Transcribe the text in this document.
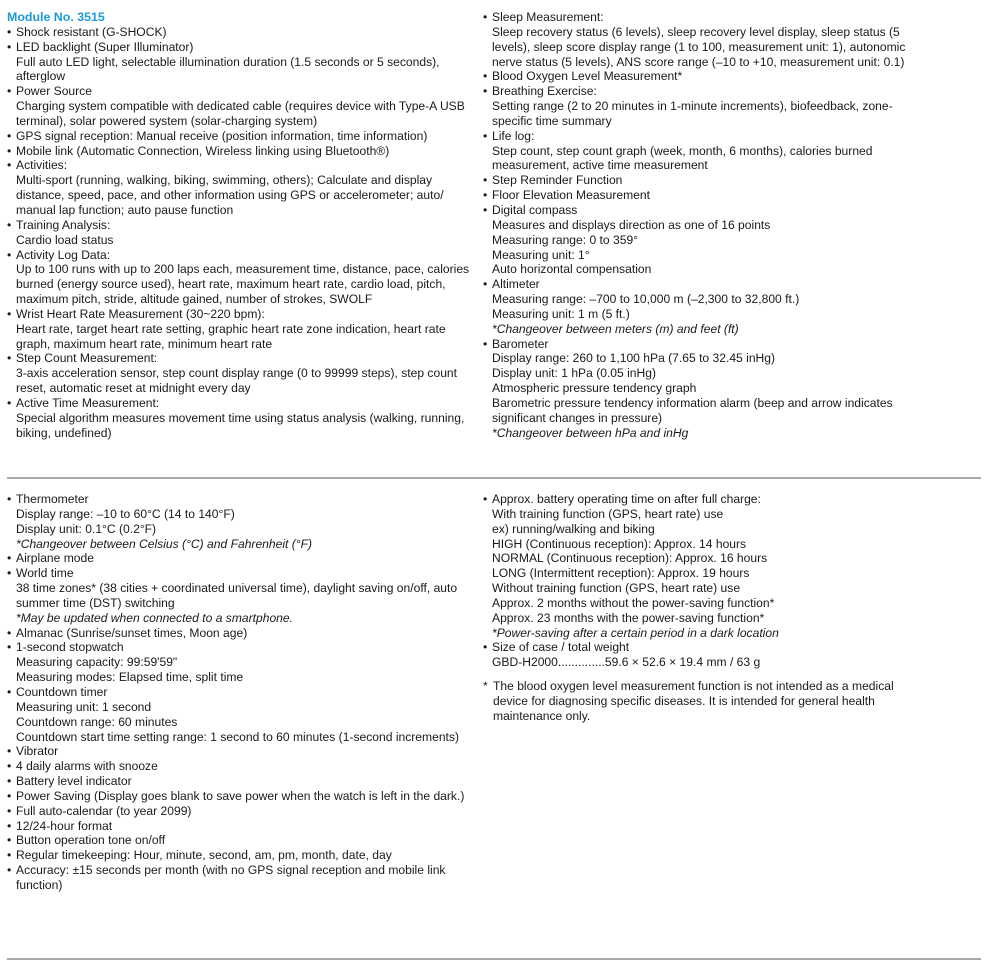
Module No. 3515
• Shock resistant (G-SHOCK)
• LED backlight (Super Illuminator)
Full auto LED light, selectable illumination duration (1.5 seconds or 5 seconds),
afterglow
• Power Source
Charging system compatible with dedicated cable (requires device with Type-A USB
terminal), solar powered system (solar-charging system)
• GPS signal reception: Manual receive (position information, time information)
• Mobile link (Automatic Connection, Wireless linking using Bluetooth®)
• Activities:
Multi-sport (running, walking, biking, swimming, others); Calculate and display
distance, speed, pace, and other information using GPS or accelerometer; auto/
manual lap function; auto pause function
• Training Analysis:
Cardio load status
• Activity Log Data:
Up to 100 runs with up to 200 laps each, measurement time, distance, pace, calories
burned (energy source used), heart rate, maximum heart rate, cardio load, pitch,
maximum pitch, stride, altitude gained, number of strokes, SWOLF
• Wrist Heart Rate Measurement (30~220 bpm):
Heart rate, target heart rate setting, graphic heart rate zone indication, heart rate
graph, maximum heart rate, minimum heart rate
• Step Count Measurement:
3-axis acceleration sensor, step count display range (0 to 99999 steps), step count
reset, automatic reset at midnight every day
• Active Time Measurement:
Special algorithm measures movement time using status analysis (walking, running,
biking, undefined)
• Sleep Measurement:
Sleep recovery status (6 levels), sleep recovery level display, sleep status (5
levels), sleep score display range (1 to 100, measurement unit: 1), autonomic
nerve status (5 levels), ANS score range (–10 to +10, measurement unit: 0.1)
• Blood Oxygen Level Measurement*
• Breathing Exercise:
Setting range (2 to 20 minutes in 1-minute increments), biofeedback, zone-
specific time summary
• Life log:
Step count, step count graph (week, month, 6 months), calories burned
measurement, active time measurement
• Step Reminder Function
• Floor Elevation Measurement
• Digital compass
Measures and displays direction as one of 16 points
Measuring range: 0 to 359°
Measuring unit: 1°
Auto horizontal compensation
• Altimeter
Measuring range: –700 to 10,000 m (–2,300 to 32,800 ft.)
Measuring unit: 1 m (5 ft.)
*Changeover between meters (m) and feet (ft)
• Barometer
Display range: 260 to 1,100 hPa (7.65 to 32.45 inHg)
Display unit: 1 hPa (0.05 inHg)
Atmospheric pressure tendency graph
Barometric pressure tendency information alarm (beep and arrow indicates
significant changes in pressure)
*Changeover between hPa and inHg
• Thermometer
Display range: –10 to 60°C (14 to 140°F)
Display unit: 0.1°C (0.2°F)
*Changeover between Celsius (°C) and Fahrenheit (°F)
• Airplane mode
• World time
38 time zones* (38 cities + coordinated universal time), daylight saving on/off, auto
summer time (DST) switching
*May be updated when connected to a smartphone.
• Almanac (Sunrise/sunset times, Moon age)
• 1-second stopwatch
Measuring capacity: 99:59'59"
Measuring modes: Elapsed time, split time
• Countdown timer
Measuring unit: 1 second
Countdown range: 60 minutes
Countdown start time setting range: 1 second to 60 minutes (1-second increments)
• Vibrator
• 4 daily alarms with snooze
• Battery level indicator
• Power Saving (Display goes blank to save power when the watch is left in the dark.)
• Full auto-calendar (to year 2099)
• 12/24-hour format
• Button operation tone on/off
• Regular timekeeping: Hour, minute, second, am, pm, month, date, day
• Accuracy: ±15 seconds per month (with no GPS signal reception and mobile link
function)
• Approx. battery operating time on after full charge:
With training function (GPS, heart rate) use
ex) running/walking and biking
HIGH (Continuous reception): Approx. 14 hours
NORMAL (Continuous reception): Approx. 16 hours
LONG (Intermittent reception): Approx. 19 hours
Without training function (GPS, heart rate) use
Approx. 2 months without the power-saving function*
Approx. 23 months with the power-saving function*
*Power-saving after a certain period in a dark location
• Size of case / total weight
GBD-H2000..............59.6 × 52.6 × 19.4 mm / 63 g
* The blood oxygen level measurement function is not intended as a medical
device for diagnosing specific diseases. It is intended for general health
maintenance only.
